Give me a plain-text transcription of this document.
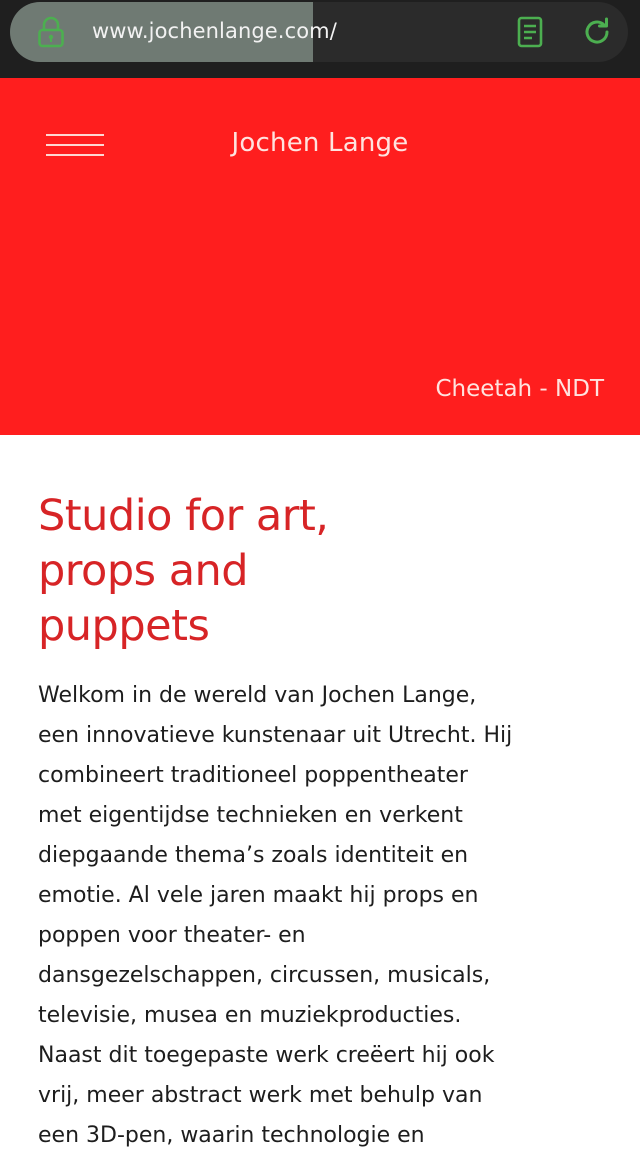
www.jochenlange.com/
Jochen Lange
Cheetah - NDT
Studio for art,
props and
puppets
Welkom in de wereld van Jochen Lange,
een innovatieve kunstenaar uit Utrecht. Hij
combineert traditioneel poppentheater
met eigentijdse technieken en verkent
diepgaande thema’s zoals identiteit en
emotie. Al vele jaren maakt hij props en
poppen voor theater- en
dansgezelschappen, circussen, musicals,
televisie, musea en muziekproducties.
Naast dit toegepaste werk creëert hij ook
vrij, meer abstract werk met behulp van
een 3D-pen, waarin technologie en
